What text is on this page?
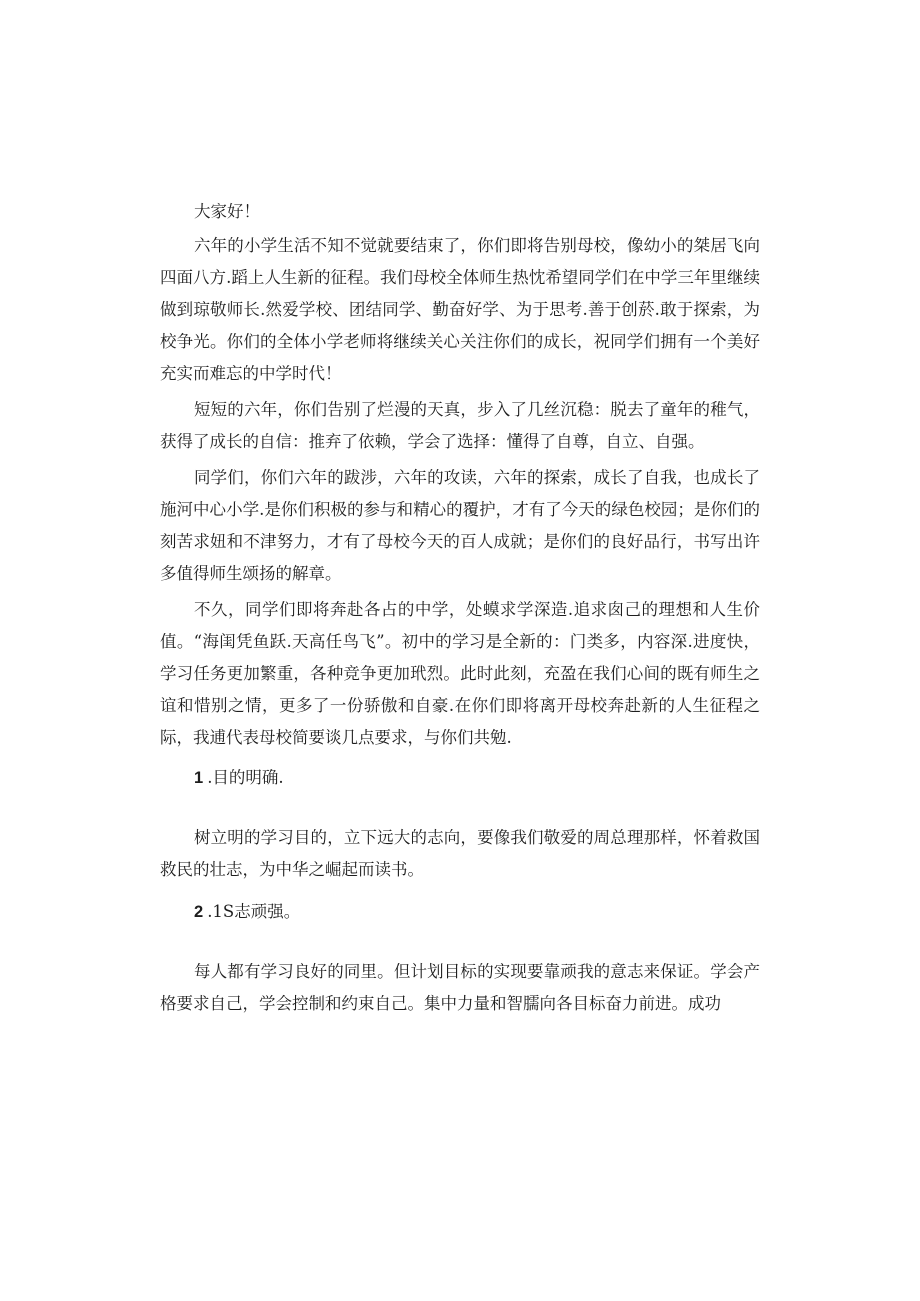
大家好！

六年的小学生活不知不觉就要结束了，你们即将告别母校，像幼小的桀居飞向四面八方.蹈上人生新的征程。我们母校全体师生热忱希望同学们在中学三年里继续做到琼敬师长.然爱学校、团结同学、勤奋好学、为于思考.善于创菸.敢于探索，为校争光。你们的全体小学老师将继续关心关注你们的成长，祝同学们拥有一个美好充实而难忘的中学时代！

短短的六年，你们告别了烂漫的天真，步入了几丝沉稳：脱去了童年的稚气，获得了成长的自信：推弃了依赖，学会了选择：懂得了自尊，自立、自强。

同学们，你们六年的跋涉，六年的攻读，六年的探索，成长了自我，也成长了施河中心小学.是你们积极的参与和精心的覆护，才有了今天的绿色校园；是你们的刻苦求妞和不津努力，才有了母校今天的百人成就；是你们的良好品行，书写出许多值得师生颂扬的解章。

不久，同学们即将奔赴各占的中学，处蟆求学深造.追求囱己的理想和人生价值。“海闺凭鱼跃.天高任鸟飞”。初中的学习是全新的：门类多，内容深.进度快，学习任务更加繁重，各种竞争更加玳烈。此时此刻，充盈在我们心间的既有师生之谊和惜别之情，更多了一份骄傲和自豪.在你们即将离开母校奔赴新的人生征程之际，我逋代表母校简要谈几点要求，与你们共勉.

1 .目的明确.

树立明的学习目的，立下远大的志向，要像我们敬爱的周总理那样，怀着救国救民的壮志，为中华之崛起而读书。

2 .1S志顽强。

每人都有学习良好的同里。但计划目标的实现要靠顽我的意志来保证。学会产格要求自己，学会控制和约束自己。集中力量和智臑向各目标奋力前进。成功
